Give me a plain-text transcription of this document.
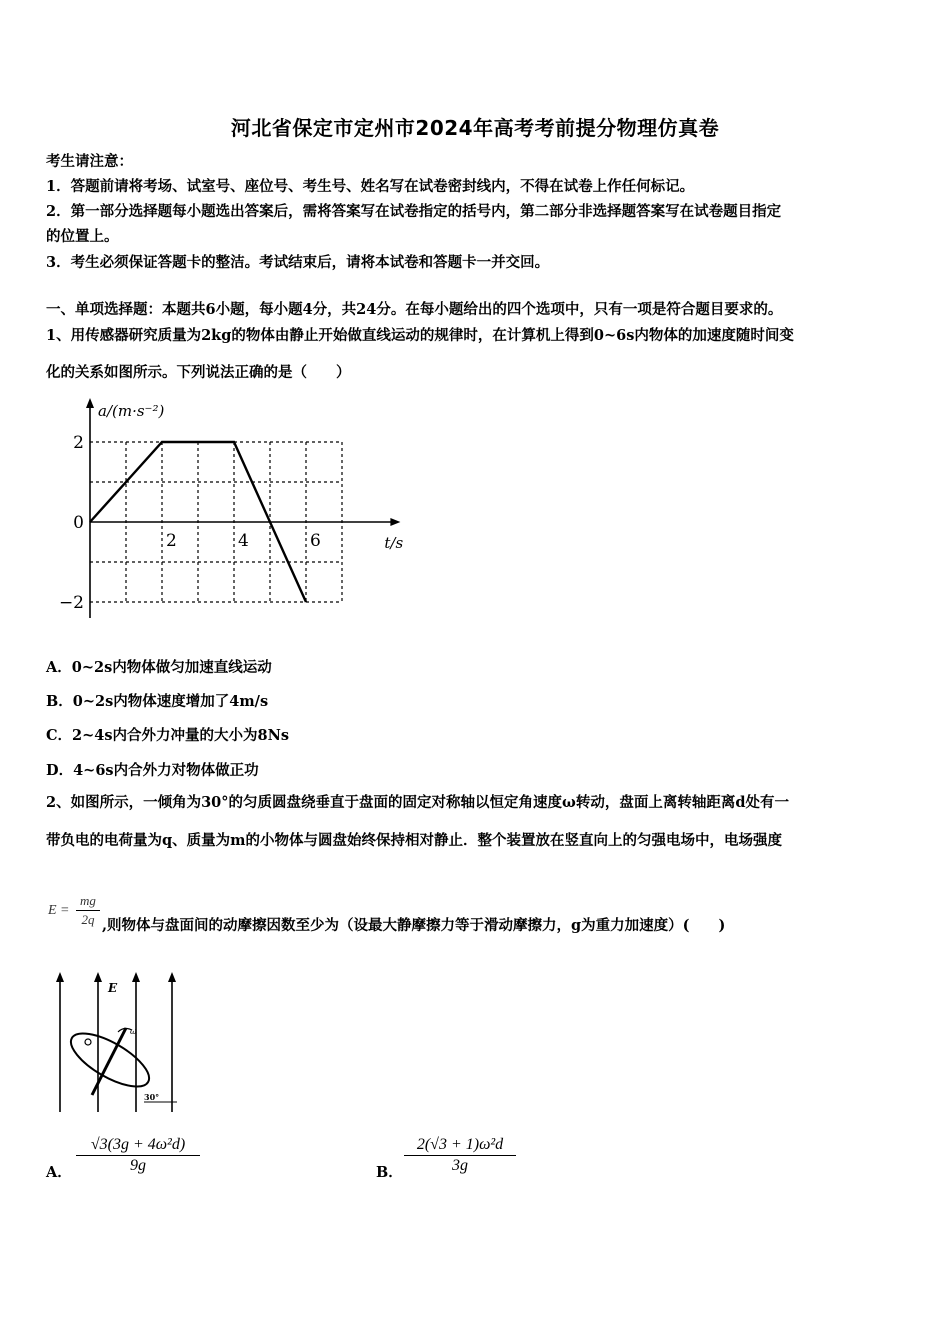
河北省保定市定州市2024年高考考前提分物理仿真卷
考生请注意：
1．答题前请将考场、试室号、座位号、考生号、姓名写在试卷密封线内，不得在试卷上作任何标记。
2．第一部分选择题每小题选出答案后，需将答案写在试卷指定的括号内，第二部分非选择题答案写在试卷题目指定
的位置上。
3．考生必须保证答题卡的整洁。考试结束后，请将本试卷和答题卡一并交回。
一、单项选择题：本题共6小题，每小题4分，共24分。在每小题给出的四个选项中，只有一项是符合题目要求的。
1、用传感器研究质量为2kg的物体由静止开始做直线运动的规律时，在计算机上得到0~6s内物体的加速度随时间变
化的关系如图所示。下列说法正确的是（　　）
2	4	6
2
0
−2
a/(m·s⁻²)
t/s
A．0~2s内物体做匀加速直线运动
B．0~2s内物体速度增加了4m/s
C．2~4s内合外力冲量的大小为8Ns
D．4~6s内合外力对物体做正功
2、如图所示，一倾角为30°的匀质圆盘绕垂直于盘面的固定对称轴以恒定角速度ω转动，盘面上离转轴距离d处有一
带负电的电荷量为q、质量为m的小物体与圆盘始终保持相对静止．整个装置放在竖直向上的匀强电场中，电场强度
E =
mg
2q ,则物体与盘面间的动摩擦因数至少为（设最大静摩擦力等于滑动摩擦力，g为重力加速度）(　　)
E
ω
30°
A．
√3(3g + 4ω²d)
9g	B．
2(√3 + 1)ω²d
3g
